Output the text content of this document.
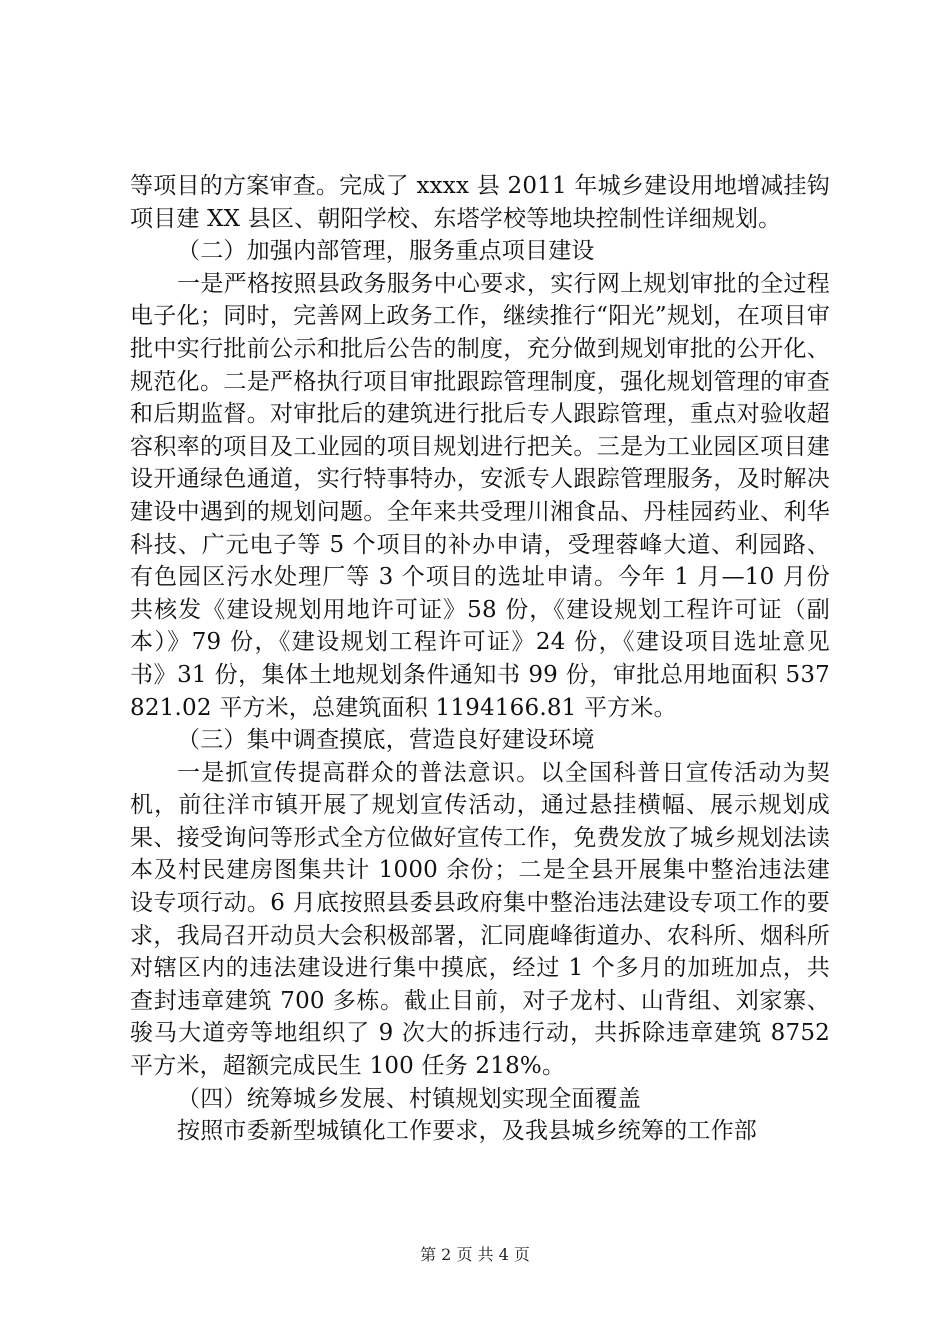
等项目的方案审查。完成了 xxxx 县 2011 年城乡建设用地增减挂钩项目建 XX 县区、朝阳学校、东塔学校等地块控制性详细规划。

（二）加强内部管理，服务重点项目建设

一是严格按照县政务服务中心要求，实行网上规划审批的全过程电子化；同时，完善网上政务工作，继续推行“阳光”规划，在项目审批中实行批前公示和批后公告的制度，充分做到规划审批的公开化、规范化。二是严格执行项目审批跟踪管理制度，强化规划管理的审查和后期监督。对审批后的建筑进行批后专人跟踪管理，重点对验收超容积率的项目及工业园的项目规划进行把关。三是为工业园区项目建设开通绿色通道，实行特事特办，安派专人跟踪管理服务，及时解决建设中遇到的规划问题。全年来共受理川湘食品、丹桂园药业、利华科技、广元电子等 5 个项目的补办申请，受理蓉峰大道、利园路、有色园区污水处理厂等 3 个项目的选址申请。今年 1 月—10 月份共核发《建设规划用地许可证》58 份，《建设规划工程许可证（副本）》79 份，《建设规划工程许可证》24 份，《建设项目选址意见书》31 份，集体土地规划条件通知书 99 份，审批总用地面积 537821.02 平方米，总建筑面积 1194166.81 平方米。

（三）集中调查摸底，营造良好建设环境

一是抓宣传提高群众的普法意识。以全国科普日宣传活动为契机，前往洋市镇开展了规划宣传活动，通过悬挂横幅、展示规划成果、接受询问等形式全方位做好宣传工作，免费发放了城乡规划法读本及村民建房图集共计 1000 余份；二是全县开展集中整治违法建设专项行动。6 月底按照县委县政府集中整治违法建设专项工作的要求，我局召开动员大会积极部署，汇同鹿峰街道办、农科所、烟科所对辖区内的违法建设进行集中摸底，经过 1 个多月的加班加点，共查封违章建筑 700 多栋。截止目前，对子龙村、山背组、刘家寨、骏马大道旁等地组织了 9 次大的拆违行动，共拆除违章建筑 8752 平方米，超额完成民生 100 任务 218%。

（四）统筹城乡发展、村镇规划实现全面覆盖

按照市委新型城镇化工作要求，及我县城乡统筹的工作部

第 2 页 共 4 页
